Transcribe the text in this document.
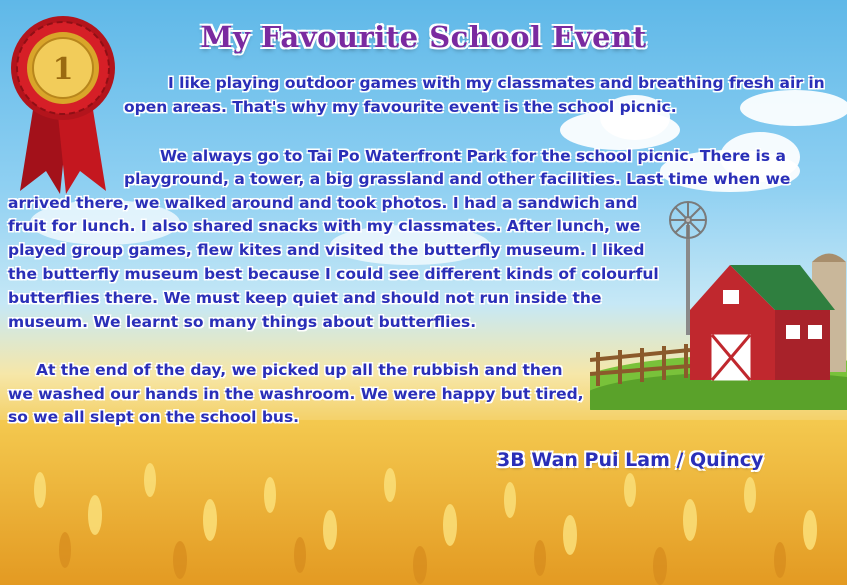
1
My Favourite School Event

I like playing outdoor games with my classmates and breathing fresh air in

open areas. That's why my favourite event is the school picnic.

We always go to Tai Po Waterfront Park for the school picnic. There is a

playground, a tower, a big grassland and other facilities. Last time when we

arrived there, we walked around and took photos. I had a sandwich and

fruit for lunch. I also shared snacks with my classmates. After lunch, we

played group games, flew kites and visited the butterfly museum. I liked

the butterfly museum best because I could see different kinds of colourful

butterflies there. We must keep quiet and should not run inside the

museum. We learnt so many things about butterflies.

At the end of the day, we picked up all the rubbish and then

we washed our hands in the washroom. We were happy but tired,

so we all slept on the school bus.

3B Wan Pui Lam / Quincy
